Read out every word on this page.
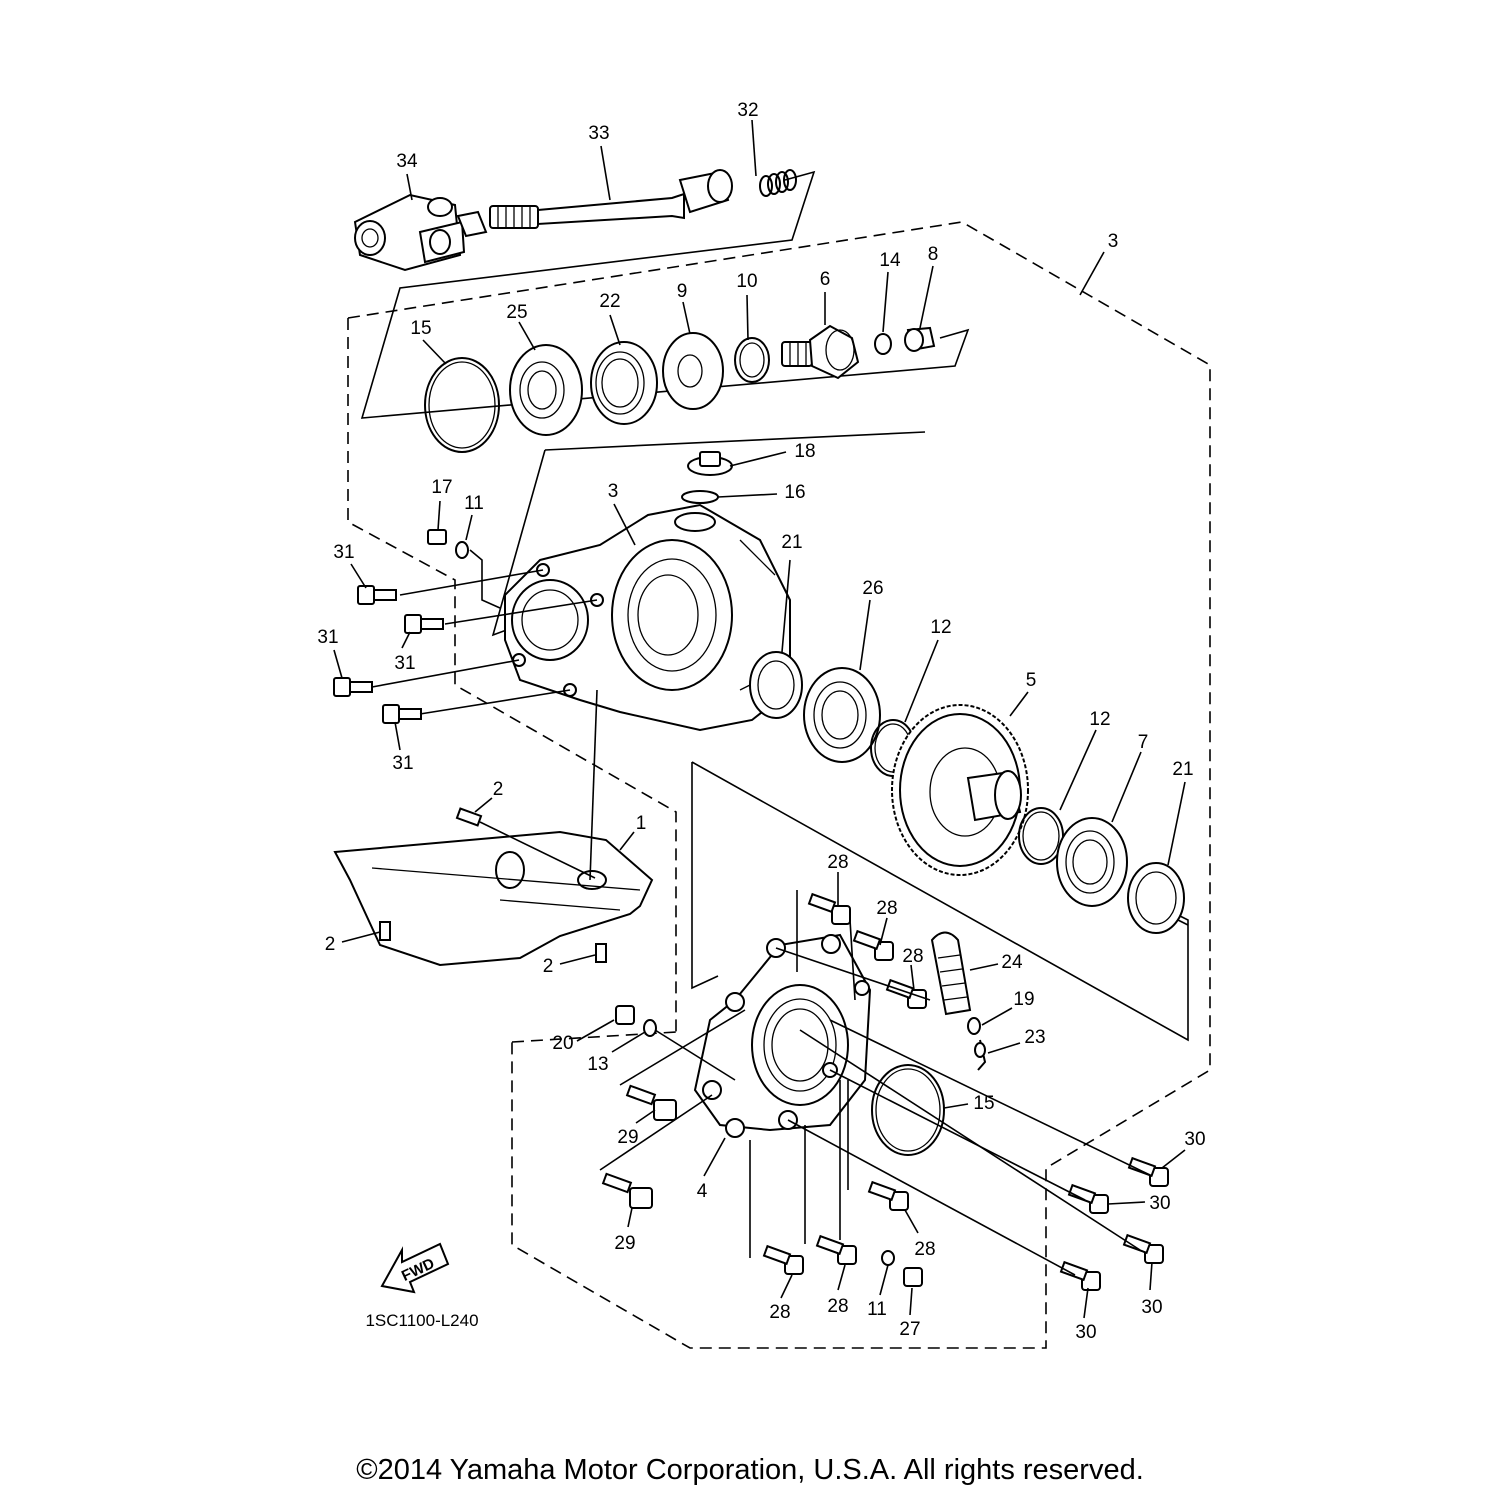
34
33
32
3
15
25
22	9	10	6
14 8
18
16
3
17
11
31
31
31
31
21
26
12
5
12
7
21
2
1
2
2
28
28
28	24
19
23
15
20
13
29
4
29
30
30
30
30
28
28 28 11
27
FWD
1SC1100-L240
©2014 Yamaha Motor Corporation, U.S.A. All rights reserved.
